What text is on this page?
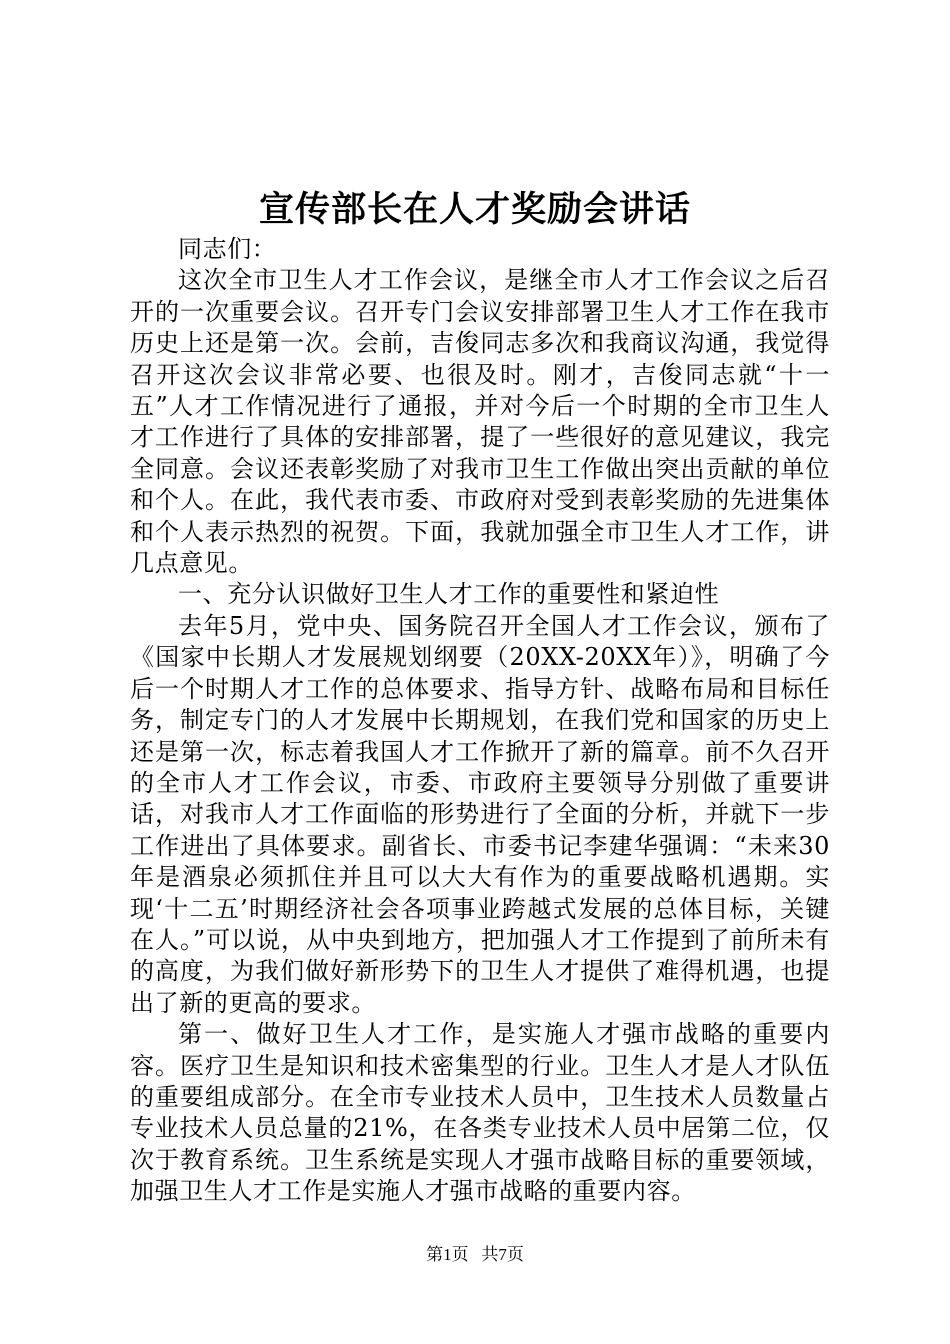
宣传部长在人才奖励会讲话

同志们：

这次全市卫生人才工作会议，是继全市人才工作会议之后召开的一次重要会议。召开专门会议安排部署卫生人才工作在我市历史上还是第一次。会前，吉俊同志多次和我商议沟通，我觉得召开这次会议非常必要、也很及时。刚才，吉俊同志就“十一五”人才工作情况进行了通报，并对今后一个时期的全市卫生人才工作进行了具体的安排部署，提了一些很好的意见建议，我完全同意。会议还表彰奖励了对我市卫生工作做出突出贡献的单位和个人。在此，我代表市委、市政府对受到表彰奖励的先进集体和个人表示热烈的祝贺。下面，我就加强全市卫生人才工作，讲几点意见。

一、充分认识做好卫生人才工作的重要性和紧迫性

去年5月，党中央、国务院召开全国人才工作会议，颁布了《国家中长期人才发展规划纲要（20XX-20XX年）》，明确了今后一个时期人才工作的总体要求、指导方针、战略布局和目标任务，制定专门的人才发展中长期规划，在我们党和国家的历史上还是第一次，标志着我国人才工作掀开了新的篇章。前不久召开的全市人才工作会议，市委、市政府主要领导分别做了重要讲话，对我市人才工作面临的形势进行了全面的分析，并就下一步工作进出了具体要求。副省长、市委书记李建华强调：“未来30年是酒泉必须抓住并且可以大大有作为的重要战略机遇期。实现‘十二五’时期经济社会各项事业跨越式发展的总体目标，关键在人。”可以说，从中央到地方，把加强人才工作提到了前所未有的高度，为我们做好新形势下的卫生人才提供了难得机遇，也提出了新的更高的要求。

第一、做好卫生人才工作，是实施人才强市战略的重要内容。医疗卫生是知识和技术密集型的行业。卫生人才是人才队伍的重要组成部分。在全市专业技术人员中，卫生技术人员数量占专业技术人员总量的21%，在各类专业技术人员中居第二位，仅次于教育系统。卫生系统是实现人才强市战略目标的重要领域，加强卫生人才工作是实施人才强市战略的重要内容。

第1页 共7页
